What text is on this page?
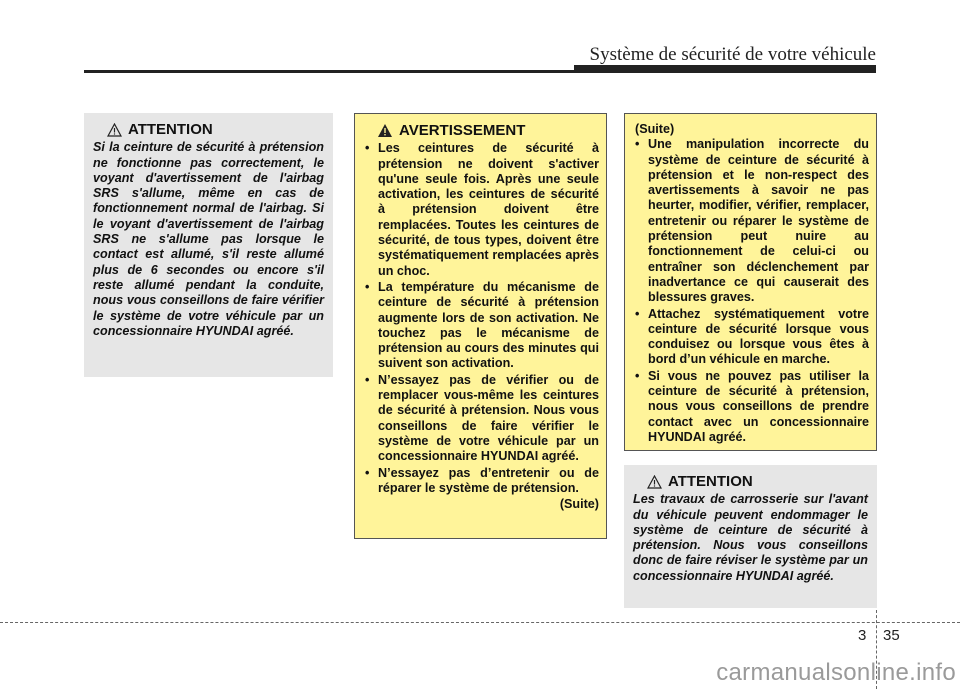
Système de sécurité de votre véhicule
ATTENTION
Si la ceinture de sécurité à prétension ne fonctionne pas correctement, le voyant d'avertissement de l'airbag SRS s'allume, même en cas de fonctionnement normal de l'airbag. Si le voyant d'avertissement de l'airbag SRS ne s'allume pas lorsque le contact est allumé, s'il reste allumé plus de 6 secondes ou encore s'il reste allumé pendant la conduite, nous vous conseillons de faire vérifier le système de votre véhicule par un concessionnaire HYUNDAI agréé.
AVERTISSEMENT
• Les ceintures de sécurité à prétension ne doivent s'activer qu'une seule fois. Après une seule activation, les ceintures de sécurité à prétension doivent être remplacées. Toutes les ceintures de sécurité, de tous types, doivent être systématiquement remplacées après un choc.
• La température du mécanisme de ceinture de sécurité à prétension augmente lors de son activation. Ne touchez pas le mécanisme de prétension au cours des minutes qui suivent son activation.
• N’essayez pas de vérifier ou de remplacer vous-même les ceintures de sécurité à prétension. Nous vous conseillons de faire vérifier le système de votre véhicule par un concessionnaire HYUNDAI agréé.
• N’essayez pas d’entretenir ou de réparer le système de prétension.
(Suite)
(Suite)
• Une manipulation incorrecte du système de ceinture de sécurité à prétension et le non-respect des avertissements à savoir ne pas heurter, modifier, vérifier, remplacer, entretenir ou réparer le système de prétension peut nuire au fonctionnement de celui-ci ou entraîner son déclenchement par inadvertance ce qui causerait des blessures graves.
• Attachez systématiquement votre ceinture de sécurité lorsque vous conduisez ou lorsque vous êtes à bord d’un véhicule en marche.
• Si vous ne pouvez pas utiliser la ceinture de sécurité à prétension, nous vous conseillons de prendre contact avec un concessionnaire HYUNDAI agréé.
ATTENTION
Les travaux de carrosserie sur l'avant du véhicule peuvent endommager le système de ceinture de sécurité à prétension. Nous vous conseillons donc de faire réviser le système par un concessionnaire HYUNDAI agréé.
3 35
carmanualsonline.info
